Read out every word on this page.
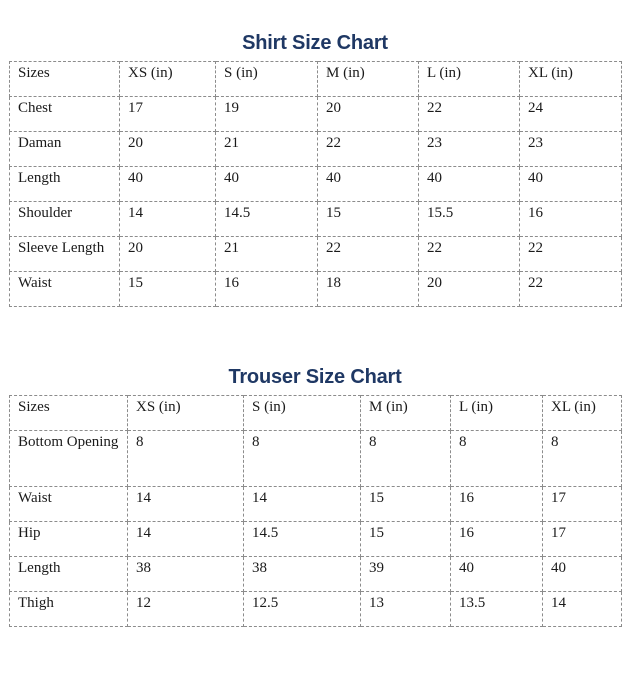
Shirt Size Chart
Sizes	XS (in)	S (in)	M (in)	L (in)	XL (in)
Chest	17	19	20	22	24
Daman	20	21	22	23	23
Length	40	40	40	40	40
Shoulder	14	14.5	15	15.5	16
Sleeve Length	20	21	22	22	22
Waist	15	16	18	20	22
Trouser Size Chart
Sizes	XS (in)	S (in)	M (in)	L (in)	XL (in)
Bottom Opening	8	8	8	8	8
Waist	14	14	15	16	17
Hip	14	14.5	15	16	17
Length	38	38	39	40	40
Thigh	12	12.5	13	13.5	14
